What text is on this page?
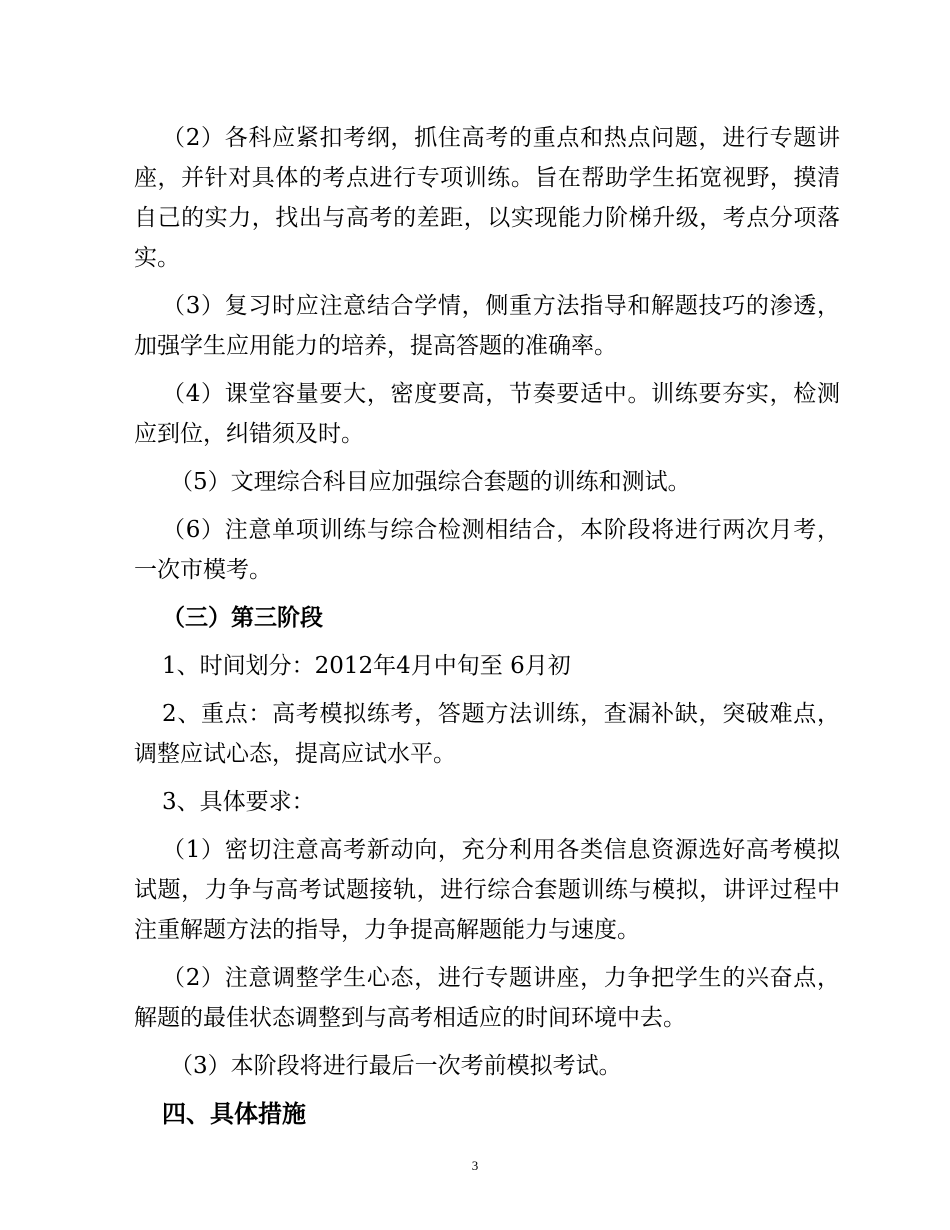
（2）各科应紧扣考纲，抓住高考的重点和热点问题，进行专题讲座，并针对具体的考点进行专项训练。旨在帮助学生拓宽视野，摸清自己的实力，找出与高考的差距，以实现能力阶梯升级，考点分项落实。

（3）复习时应注意结合学情，侧重方法指导和解题技巧的渗透，加强学生应用能力的培养，提高答题的准确率。

（4）课堂容量要大，密度要高，节奏要适中。训练要夯实，检测应到位，纠错须及时。

（5）文理综合科目应加强综合套题的训练和测试。

（6）注意单项训练与综合检测相结合，本阶段将进行两次月考，一次市模考。

（三）第三阶段

1、时间划分：2012年4月中旬至 6月初

2、重点：高考模拟练考，答题方法训练，查漏补缺，突破难点，调整应试心态，提高应试水平。

3、具体要求：

（1）密切注意高考新动向，充分利用各类信息资源选好高考模拟试题，力争与高考试题接轨，进行综合套题训练与模拟，讲评过程中注重解题方法的指导，力争提高解题能力与速度。

（2）注意调整学生心态，进行专题讲座，力争把学生的兴奋点，解题的最佳状态调整到与高考相适应的时间环境中去。

（3）本阶段将进行最后一次考前模拟考试。

四、具体措施

3
